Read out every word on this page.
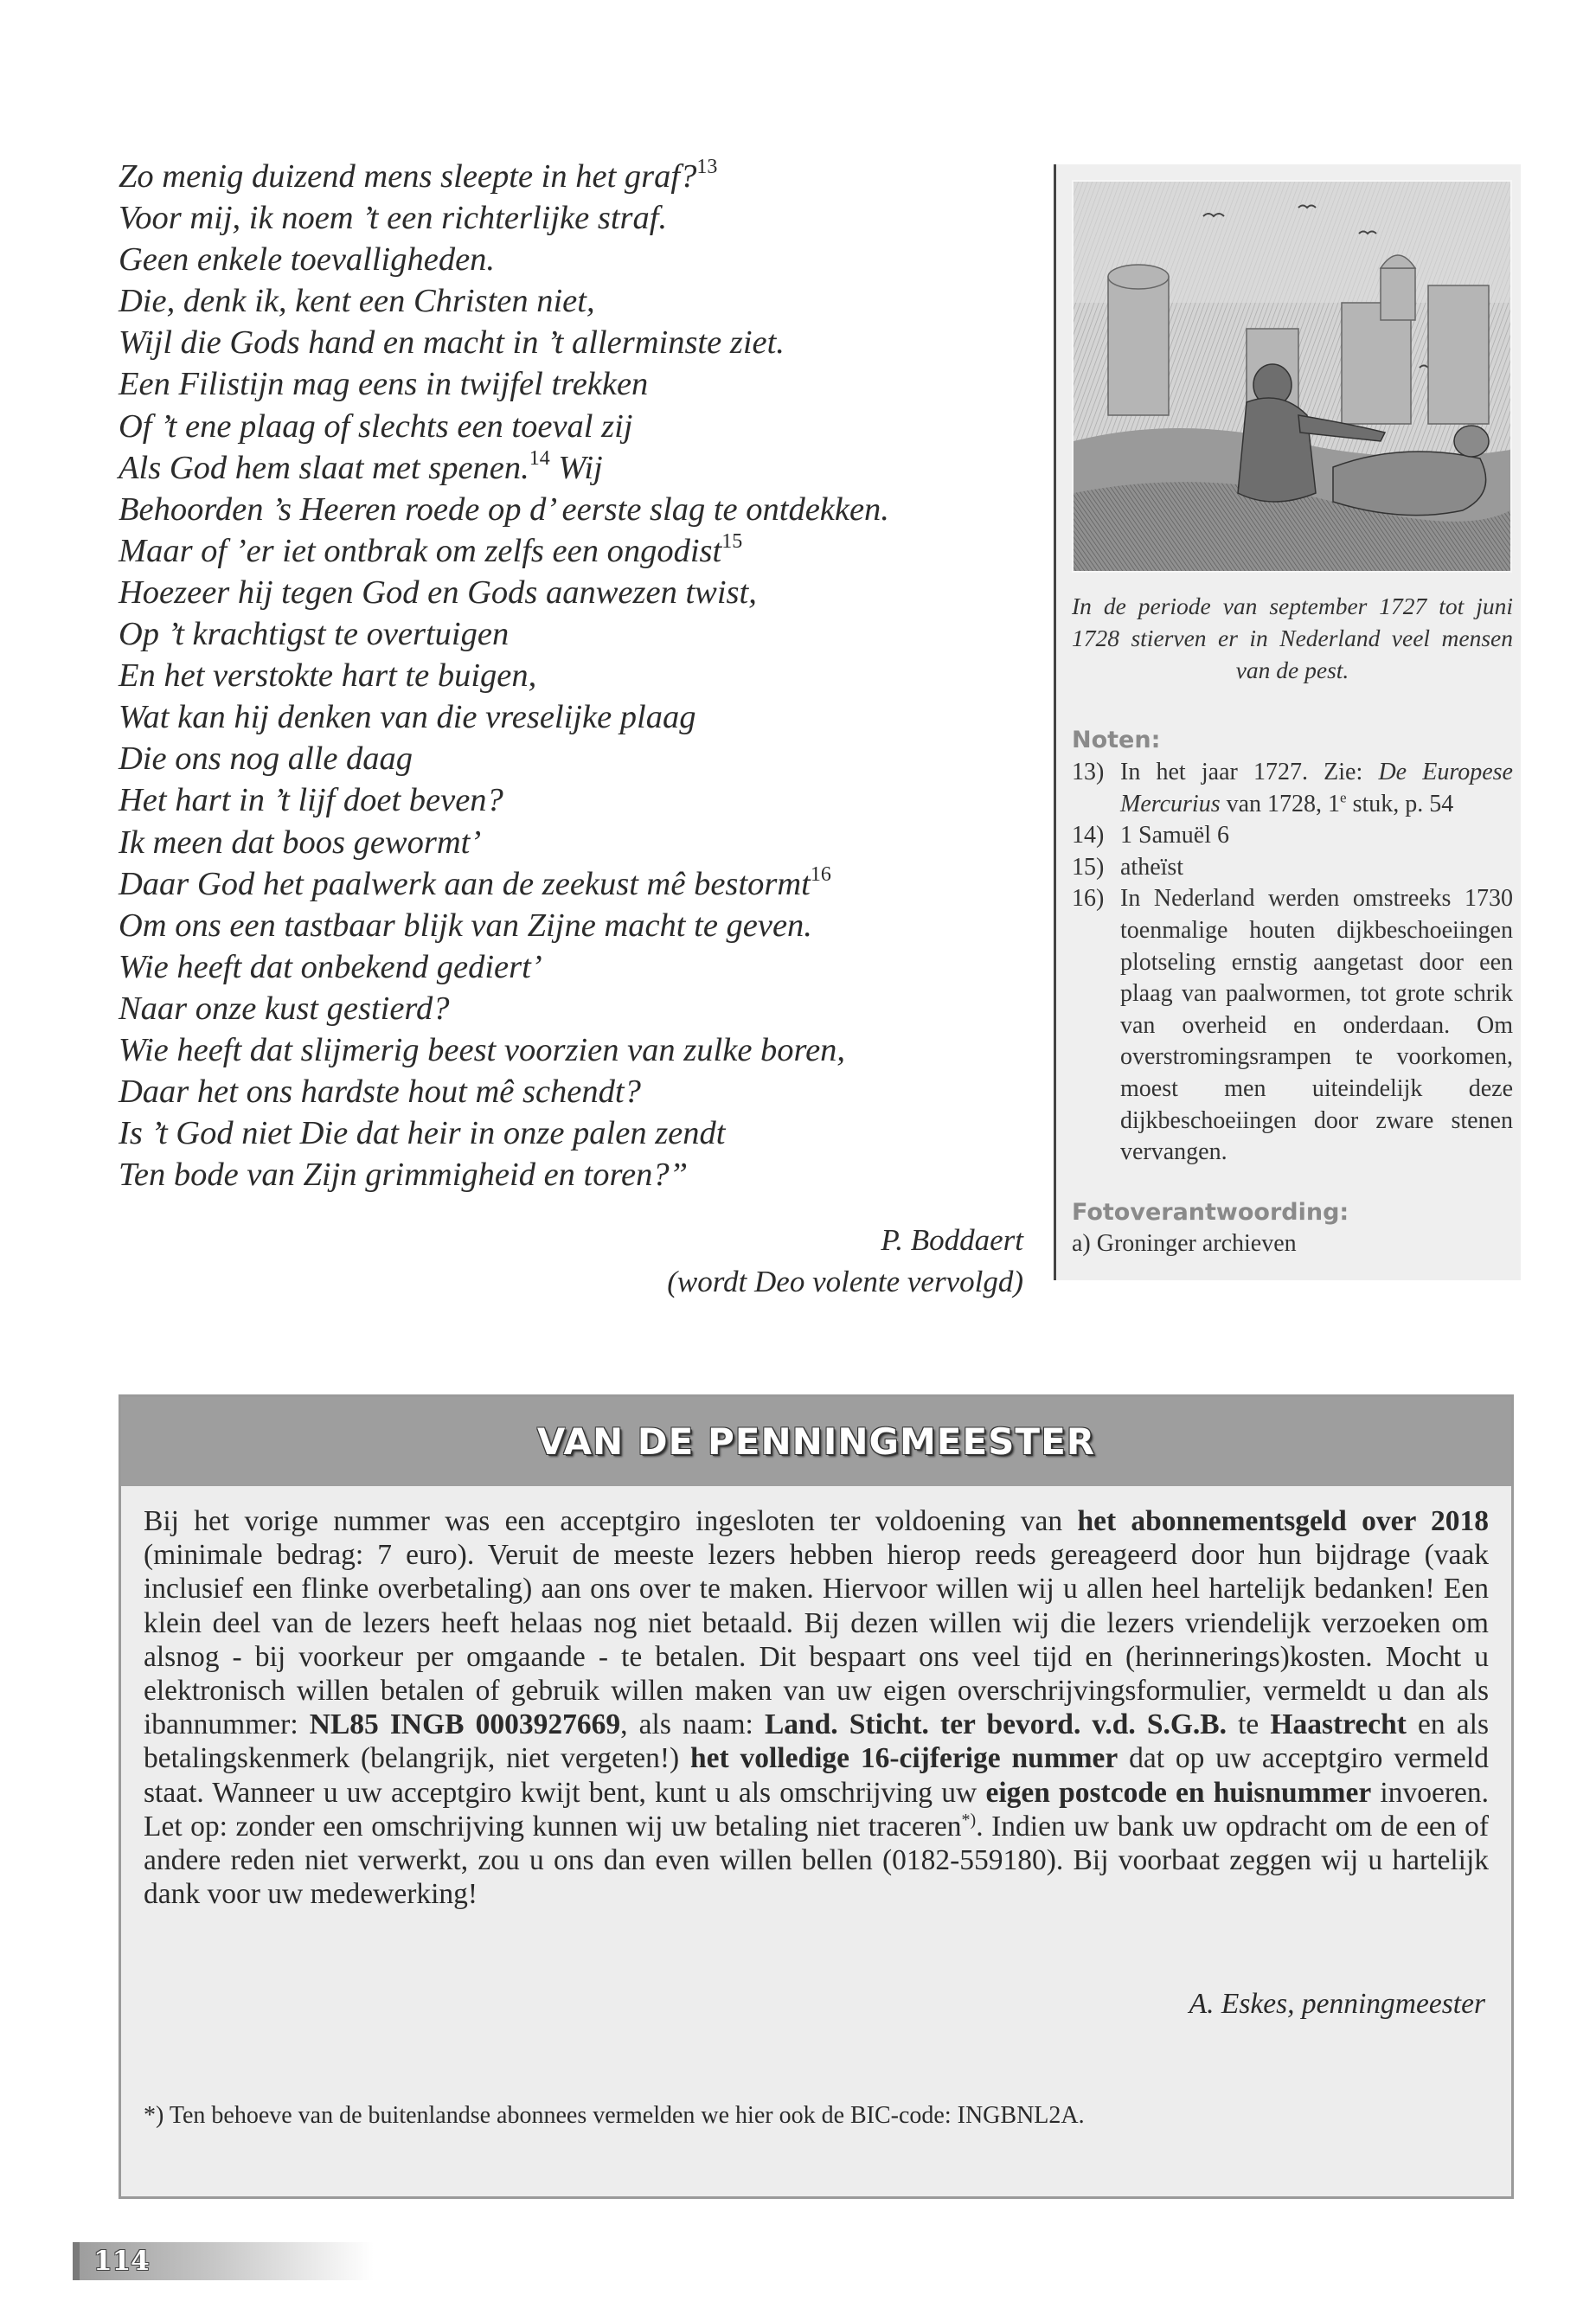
Zo menig duizend mens sleepte in het graf?$^{13}$
Voor mij, ik noem ’t een richterlijke straf.
Geen enkele toevalligheden.
Die, denk ik, kent een Christen niet,
Wijl die Gods hand en macht in ’t allerminste ziet.
Een Filistijn mag eens in twijfel trekken
Of ’t ene plaag of slechts een toeval zij
Als God hem slaat met spenen.$^{14}$ Wij
Behoorden ’s Heeren roede op d’ eerste slag te ontdekken.
Maar of ’er iet ontbrak om zelfs een ongodist$^{15}$
Hoezeer hij tegen God en Gods aanwezen twist,
Op ’t krachtigst te overtuigen
En het verstokte hart te buigen,
Wat kan hij denken van die vreselijke plaag
Die ons nog alle daag
Het hart in ’t lijf doet beven?
Ik meen dat boos gewormt’
Daar God het paalwerk aan de zeekust mê bestormt$^{16}$
Om ons een tastbaar blijk van Zijne macht te geven.
Wie heeft dat onbekend gediert’
Naar onze kust gestierd?
Wie heeft dat slijmerig beest voorzien van zulke boren,
Daar het ons hardste hout mê schendt?
Is ’t God niet Die dat heir in onze palen zendt
Ten bode van Zijn grimmigheid en toren?”
P. Boddaert
(wordt Deo volente vervolgd)
In de periode van september 1727 tot juni 1728 stierven er in Nederland veel mensen van de pest.
Noten:
13) In het jaar 1727. Zie: De Europese Mercurius van 1728, 1e stuk, p. 54
14) 1 Samuël 6
15) atheïst
16) In Nederland werden omstreeks 1730 toenmalige houten dijkbeschoeiingen plotseling ernstig aangetast door een plaag van paalwormen, tot grote schrik van overheid en onderdaan. Om overstromingsrampen te voorkomen, moest men uiteindelijk deze dijkbeschoeiingen door zware stenen vervangen.
Fotoverantwoording:
a) Groninger archieven
VAN DE PENNINGMEESTER
Bij het vorige nummer was een acceptgiro ingesloten ter voldoening van het abonnementsgeld over 2018 (minimale bedrag: 7 euro). Veruit de meeste lezers hebben hierop reeds gereageerd door hun bijdrage (vaak inclusief een flinke overbetaling) aan ons over te maken. Hiervoor willen wij u allen heel hartelijk bedanken! Een klein deel van de lezers heeft helaas nog niet betaald. Bij dezen willen wij die lezers vriendelijk verzoeken om alsnog - bij voorkeur per omgaande - te betalen. Dit bespaart ons veel tijd en (herinnerings)kosten. Mocht u elektronisch willen betalen of gebruik willen maken van uw eigen overschrijvingsformulier, vermeldt u dan als ibannummer: NL85 INGB 0003927669, als naam: Land. Sticht. ter bevord. v.d. S.G.B. te Haastrecht en als betalingskenmerk (belangrijk, niet vergeten!) het volledige 16-cijferige nummer dat op uw acceptgiro vermeld staat. Wanneer u uw acceptgiro kwijt bent, kunt u als omschrijving uw eigen postcode en huisnummer invoeren. Let op: zonder een omschrijving kunnen wij uw betaling niet traceren*). Indien uw bank uw opdracht om de een of andere reden niet verwerkt, zou u ons dan even willen bellen (0182-559180). Bij voorbaat zeggen wij u hartelijk dank voor uw medewerking!
A. Eskes, penningmeester
*) Ten behoeve van de buitenlandse abonnees vermelden we hier ook de BIC-code: INGBNL2A.
114
